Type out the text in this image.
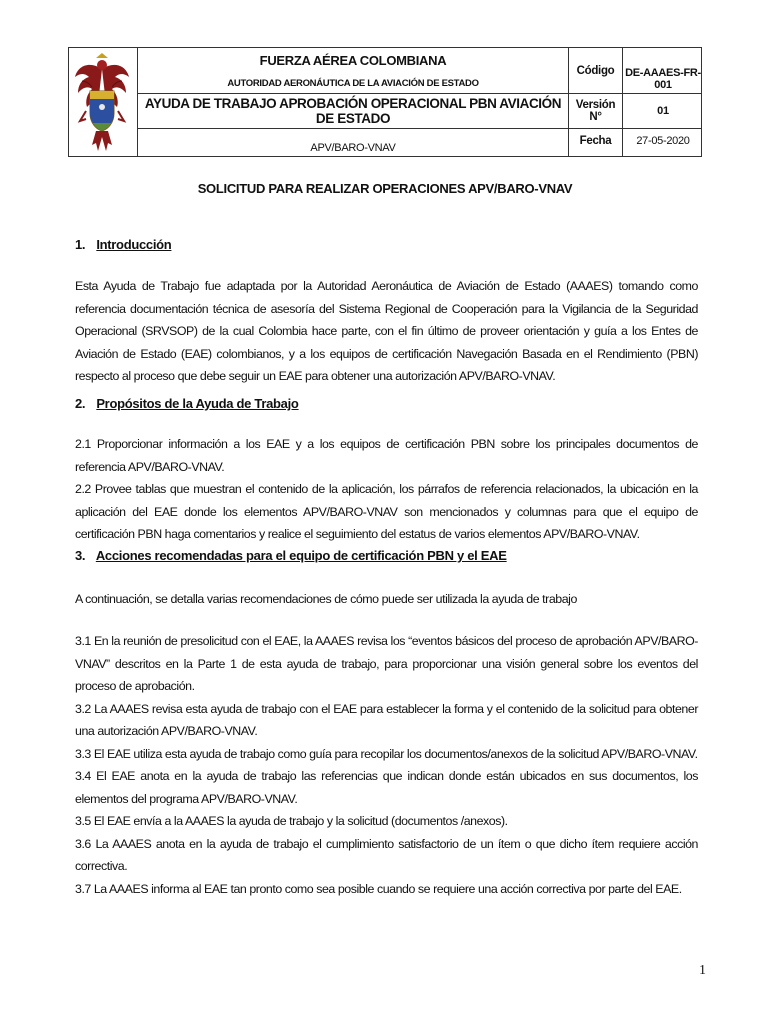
FUERZA AÉREA COLOMBIANA
AUTORIDAD AERONÁUTICA DE LA AVIACIÓN DE ESTADO
AYUDA DE TRABAJO APROBACIÓN OPERACIONAL PBN AVIACIÓN DE ESTADO
APV/BARO-VNAV
Código DE-AAAES-FR-001
Versión N°	01
Fecha	27-05-2020
SOLICITUD PARA REALIZAR OPERACIONES APV/BARO-VNAV
1. Introducción

Esta Ayuda de Trabajo fue adaptada por la Autoridad Aeronáutica de Aviación de Estado (AAAES) tomando como referencia documentación técnica de asesoría del Sistema Regional de Cooperación para la Vigilancia de la Seguridad Operacional (SRVSOP) de la cual Colombia hace parte, con el fin último de proveer orientación y guía a los Entes de Aviación de Estado (EAE) colombianos, y a los equipos de certificación Navegación Basada en el Rendimiento (PBN) respecto al proceso que debe seguir un EAE para obtener una autorización APV/BARO-VNAV.

2. Propósitos de la Ayuda de Trabajo

2.1 Proporcionar información a los EAE y a los equipos de certificación PBN sobre los principales documentos de referencia APV/BARO-VNAV.

2.2 Provee tablas que muestran el contenido de la aplicación, los párrafos de referencia relacionados, la ubicación en la aplicación del EAE donde los elementos APV/BARO-VNAV son mencionados y columnas para que el equipo de certificación PBN haga comentarios y realice el seguimiento del estatus de varios elementos APV/BARO-VNAV.

3. Acciones recomendadas para el equipo de certificación PBN y el EAE

A continuación, se detalla varias recomendaciones de cómo puede ser utilizada la ayuda de trabajo

3.1 En la reunión de presolicitud con el EAE, la AAAES revisa los “eventos básicos del proceso de aprobación APV/BARO-VNAV” descritos en la Parte 1 de esta ayuda de trabajo, para proporcionar una visión general sobre los eventos del proceso de aprobación.

3.2 La AAAES revisa esta ayuda de trabajo con el EAE para establecer la forma y el contenido de la solicitud para obtener una autorización APV/BARO-VNAV.

3.3 El EAE utiliza esta ayuda de trabajo como guía para recopilar los documentos/anexos de la solicitud APV/BARO-VNAV.

3.4 El EAE anota en la ayuda de trabajo las referencias que indican donde están ubicados en sus documentos, los elementos del programa APV/BARO-VNAV.

3.5 El EAE envía a la AAAES la ayuda de trabajo y la solicitud (documentos /anexos).

3.6 La AAAES anota en la ayuda de trabajo el cumplimiento satisfactorio de un ítem o que dicho ítem requiere acción correctiva.

3.7 La AAAES informa al EAE tan pronto como sea posible cuando se requiere una acción correctiva por parte del EAE.

1
